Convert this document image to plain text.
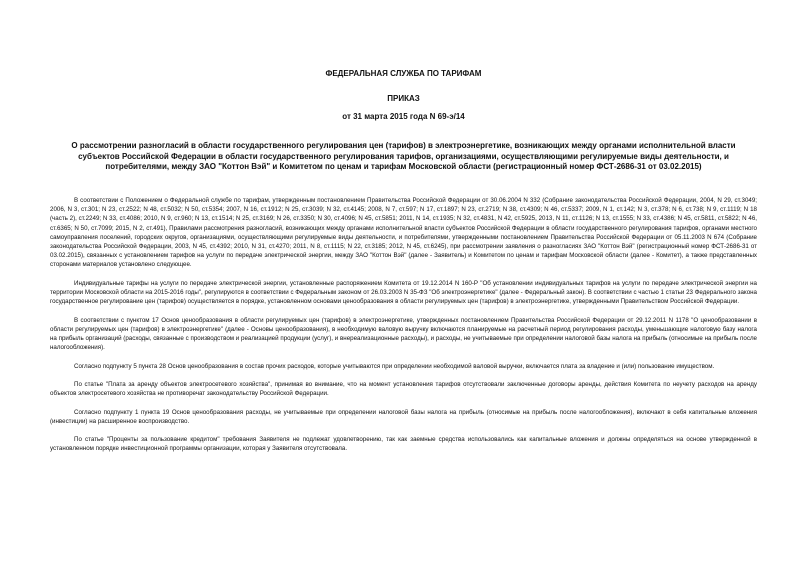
ФЕДЕРАЛЬНАЯ СЛУЖБА ПО ТАРИФАМ
ПРИКАЗ
от 31 марта 2015 года N 69-э/14
О рассмотрении разногласий в области государственного регулирования цен (тарифов) в электроэнергетике, возникающих между органами исполнительной власти субъектов Российской Федерации в области государственного регулирования тарифов, организациями, осуществляющими регулируемые виды деятельности, и потребителями, между ЗАО "Коттон Вэй" и Комитетом по ценам и тарифам Московской области (регистрационный номер ФСТ-2686-31 от 03.02.2015)

В соответствии с Положением о Федеральной службе по тарифам, утвержденным постановлением Правительства Российской Федерации от 30.06.2004 N 332 (Собрание законодательства Российской Федерации, 2004, N 29, ст.3049; 2006, N 3, ст.301; N 23, ст.2522; N 48, ст.5032; N 50, ст.5354; 2007, N 16, ст.1912; N 25, ст.3039; N 32, ст.4145; 2008, N 7, ст.597; N 17, ст.1897; N 23, ст.2719; N 38, ст.4309; N 46, ст.5337; 2009, N 1, ст.142; N 3, ст.378; N 6, ст.738; N 9, ст.1119; N 18 (часть 2), ст.2249; N 33, ст.4086; 2010, N 9, ст.960; N 13, ст.1514; N 25, ст.3169; N 26, ст.3350; N 30, ст.4096; N 45, ст.5851; 2011, N 14, ст.1935; N 32, ст.4831, N 42, ст.5925, 2013, N 11, ст.1126; N 13, ст.1555; N 33, ст.4386; N 45, ст.5811, ст.5822; N 46, ст.6365; N 50, ст.7099; 2015, N 2, ст.491), Правилами рассмотрения разногласий, возникающих между органами исполнительной власти субъектов Российской Федерации в области государственного регулирования тарифов, органами местного самоуправления поселений, городских округов, организациями, осуществляющими регулируемые виды деятельности, и потребителями, утвержденными постановлением Правительства Российской Федерации от 05.11.2003 N 674 (Собрание законодательства Российской Федерации, 2003, N 45, ст.4392; 2010, N 31, ст.4270; 2011, N 8, ст.1115; N 22, ст.3185; 2012, N 45, ст.6245), при рассмотрении заявления о разногласиях ЗАО "Коттон Вэй" (регистрационный номер ФСТ-2686-31 от 03.02.2015), связанных с установлением тарифов на услуги по передаче электрической энергии, между ЗАО "Коттон Вэй" (далее - Заявитель) и Комитетом по ценам и тарифам Московской области (далее - Комитет), а также представленных сторонами материалов установлено следующее.

Индивидуальные тарифы на услуги по передаче электрической энергии, установленные распоряжением Комитета от 19.12.2014 N 160-Р "Об установлении индивидуальных тарифов на услуги по передаче электрической энергии на территории Московской области на 2015-2016 годы", регулируются в соответствии с Федеральным законом от 26.03.2003 N 35-ФЗ "Об электроэнергетике" (далее - Федеральный закон). В соответствии с частью 1 статьи 23 Федерального закона государственное регулирование цен (тарифов) осуществляется в порядке, установленном основами ценообразования в области регулируемых цен (тарифов) в электроэнергетике, утвержденными Правительством Российской Федерации.

В соответствии с пунктом 17 Основ ценообразования в области регулируемых цен (тарифов) в электроэнергетике, утвержденных постановлением Правительства Российской Федерации от 29.12.2011 N 1178 "О ценообразовании в области регулируемых цен (тарифов) в электроэнергетике" (далее - Основы ценообразования), в необходимую валовую выручку включаются планируемые на расчетный период регулирования расходы, уменьшающие налоговую базу налога на прибыль организаций (расходы, связанные с производством и реализацией продукции (услуг), и внереализационные расходы), и расходы, не учитываемые при определении налоговой базы налога на прибыль (относимые на прибыль после налогообложения).

Согласно подпункту 5 пункта 28 Основ ценообразования в состав прочих расходов, которые учитываются при определении необходимой валовой выручки, включается плата за владение и (или) пользование имуществом.

По статье "Плата за аренду объектов электросетевого хозяйства", принимая во внимание, что на момент установления тарифов отсутствовали заключенные договоры аренды, действия Комитета по неучету расходов на аренду объектов электросетевого хозяйства не противоречат законодательству Российской Федерации.

Согласно подпункту 1 пункта 19 Основ ценообразования расходы, не учитываемые при определении налоговой базы налога на прибыль (относимые на прибыль после налогообложения), включают в себя капитальные вложения (инвестиции) на расширенное воспроизводство.

По статье "Проценты за пользование кредитом" требования Заявителя не подлежат удовлетворению, так как заемные средства использовались как капитальные вложения и должны определяться на основе утвержденной в установленном порядке инвестиционной программы организации, которая у Заявителя отсутствовала.
